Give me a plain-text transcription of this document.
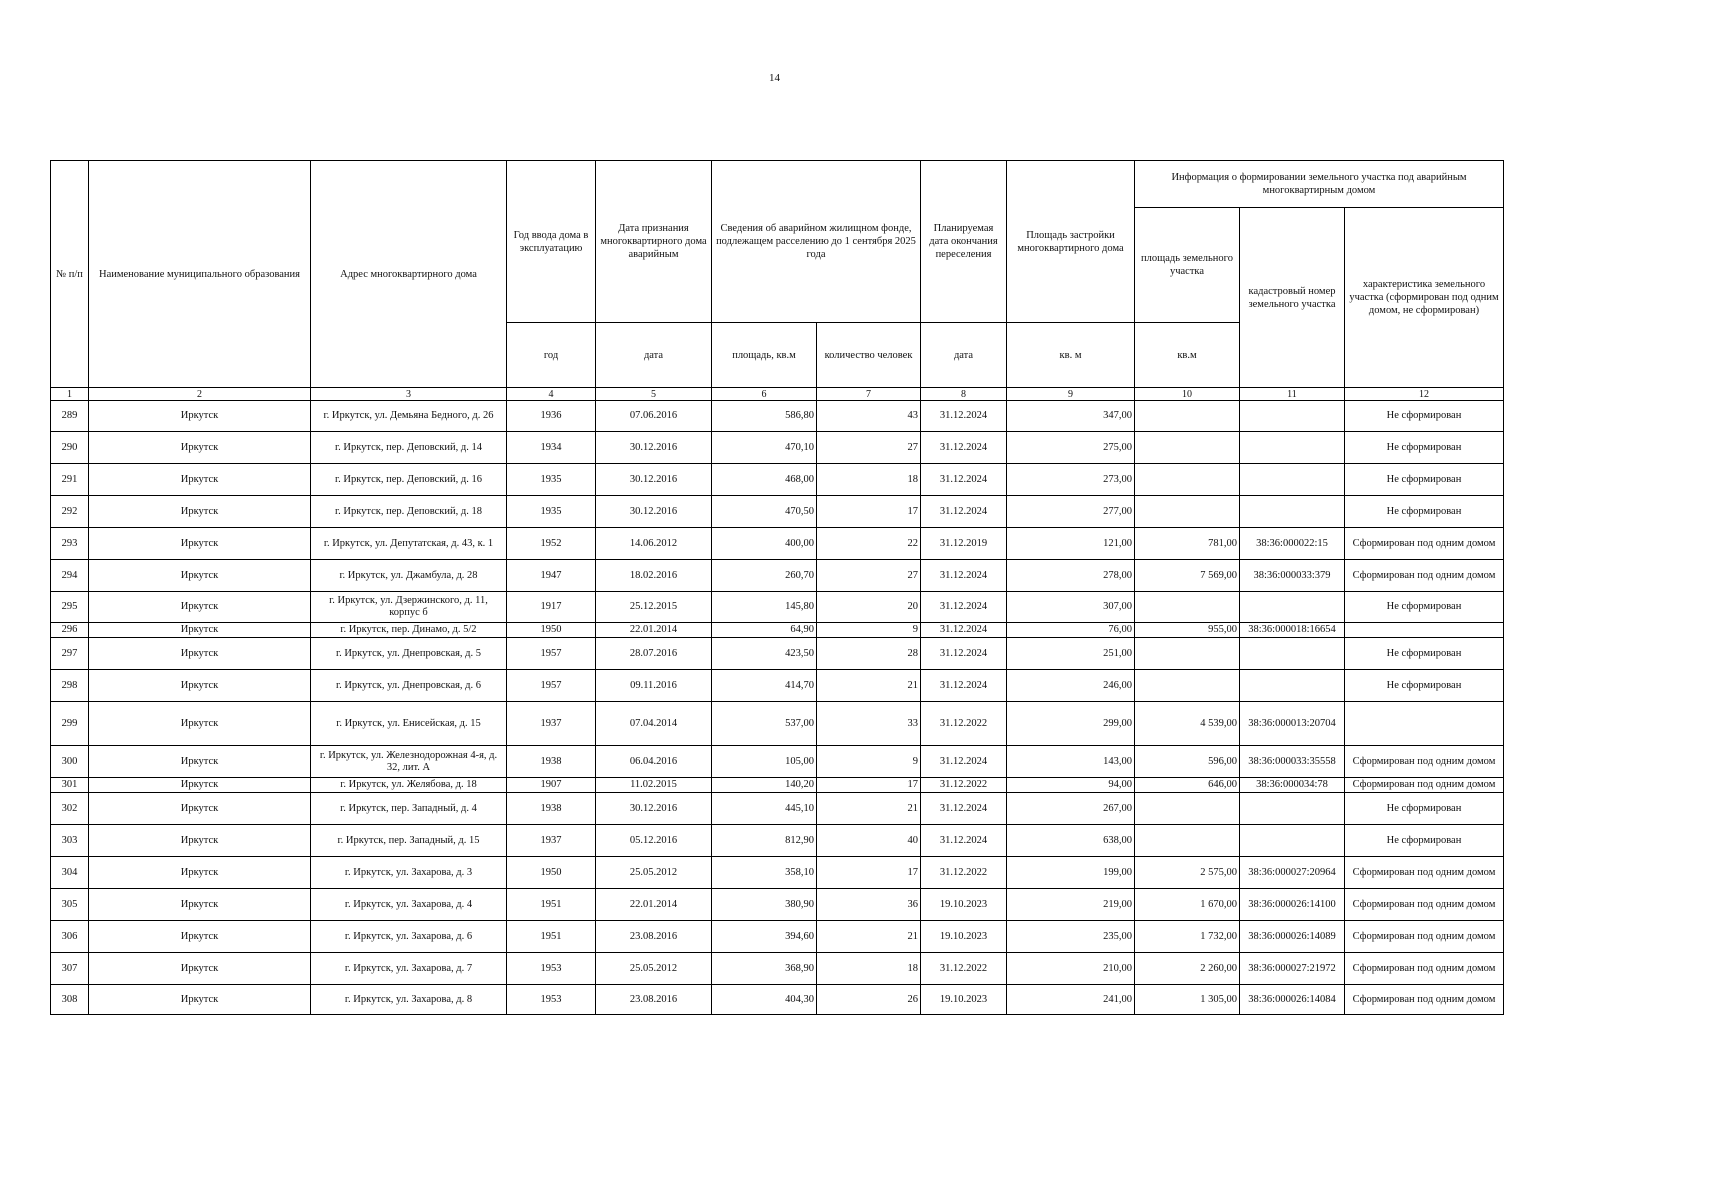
14
№ п/п	Наименование муниципального образования	Адрес многоквартирного дома	Год ввода дома в эксплуатацию	Дата признания многоквартирного дома аварийным	Сведения об аварийном жилищном фонде, подлежащем расселению до 1 сентября 2025 года		Планируемая дата окончания переселения	Площадь застройки многоквартирного дома	Информация о формировании земельного участка под аварийным многоквартирным домом		
									площадь земельного участка	кадастровый номер земельного участка	характеристика земельного участка (сформирован под одним домом, не сформирован)
			год	дата	площадь, кв.м	количество человек	дата	кв. м	кв.м		
1	2	3	4	5	6	7	8	9	10	11	12
289	Иркутск	г. Иркутск, ул. Демьяна Бедного, д. 26	1936	07.06.2016	586,80	43	31.12.2024	347,00			Не сформирован
290	Иркутск	г. Иркутск, пер. Деповский, д. 14	1934	30.12.2016	470,10	27	31.12.2024	275,00			Не сформирован
291	Иркутск	г. Иркутск, пер. Деповский, д. 16	1935	30.12.2016	468,00	18	31.12.2024	273,00			Не сформирован
292	Иркутск	г. Иркутск, пер. Деповский, д. 18	1935	30.12.2016	470,50	17	31.12.2024	277,00			Не сформирован
293	Иркутск	г. Иркутск, ул. Депутатская, д. 43, к. 1	1952	14.06.2012	400,00	22	31.12.2019	121,00	781,00	38:36:000022:15	Сформирован под одним домом
294	Иркутск	г. Иркутск, ул. Джамбула, д. 28	1947	18.02.2016	260,70	27	31.12.2024	278,00	7 569,00	38:36:000033:379	Сформирован под одним домом
295	Иркутск	г. Иркутск, ул. Дзержинского, д. 11, корпус б	1917	25.12.2015	145,80	20	31.12.2024	307,00			Не сформирован
296	Иркутск	г. Иркутск, пер. Динамо, д. 5/2	1950	22.01.2014	64,90	9	31.12.2024	76,00	955,00	38:36:000018:16654	
297	Иркутск	г. Иркутск, ул. Днепровская, д. 5	1957	28.07.2016	423,50	28	31.12.2024	251,00			Не сформирован
298	Иркутск	г. Иркутск, ул. Днепровская, д. 6	1957	09.11.2016	414,70	21	31.12.2024	246,00			Не сформирован
299	Иркутск	г. Иркутск, ул. Енисейская, д. 15	1937	07.04.2014	537,00	33	31.12.2022	299,00	4 539,00	38:36:000013:20704	
300	Иркутск	г. Иркутск, ул. Железнодорожная 4-я, д. 32, лит. А	1938	06.04.2016	105,00	9	31.12.2024	143,00	596,00	38:36:000033:35558	Сформирован под одним домом
301	Иркутск	г. Иркутск, ул. Желябова, д. 18	1907	11.02.2015	140,20	17	31.12.2022	94,00	646,00	38:36:000034:78	Сформирован под одним домом
302	Иркутск	г. Иркутск, пер. Западный, д. 4	1938	30.12.2016	445,10	21	31.12.2024	267,00			Не сформирован
303	Иркутск	г. Иркутск, пер. Западный, д. 15	1937	05.12.2016	812,90	40	31.12.2024	638,00			Не сформирован
304	Иркутск	г. Иркутск, ул. Захарова, д. 3	1950	25.05.2012	358,10	17	31.12.2022	199,00	2 575,00	38:36:000027:20964	Сформирован под одним домом
305	Иркутск	г. Иркутск, ул. Захарова, д. 4	1951	22.01.2014	380,90	36	19.10.2023	219,00	1 670,00	38:36:000026:14100	Сформирован под одним домом
306	Иркутск	г. Иркутск, ул. Захарова, д. 6	1951	23.08.2016	394,60	21	19.10.2023	235,00	1 732,00	38:36:000026:14089	Сформирован под одним домом
307	Иркутск	г. Иркутск, ул. Захарова, д. 7	1953	25.05.2012	368,90	18	31.12.2022	210,00	2 260,00	38:36:000027:21972	Сформирован под одним домом
308	Иркутск	г. Иркутск, ул. Захарова, д. 8	1953	23.08.2016	404,30	26	19.10.2023	241,00	1 305,00	38:36:000026:14084	Сформирован под одним домом
